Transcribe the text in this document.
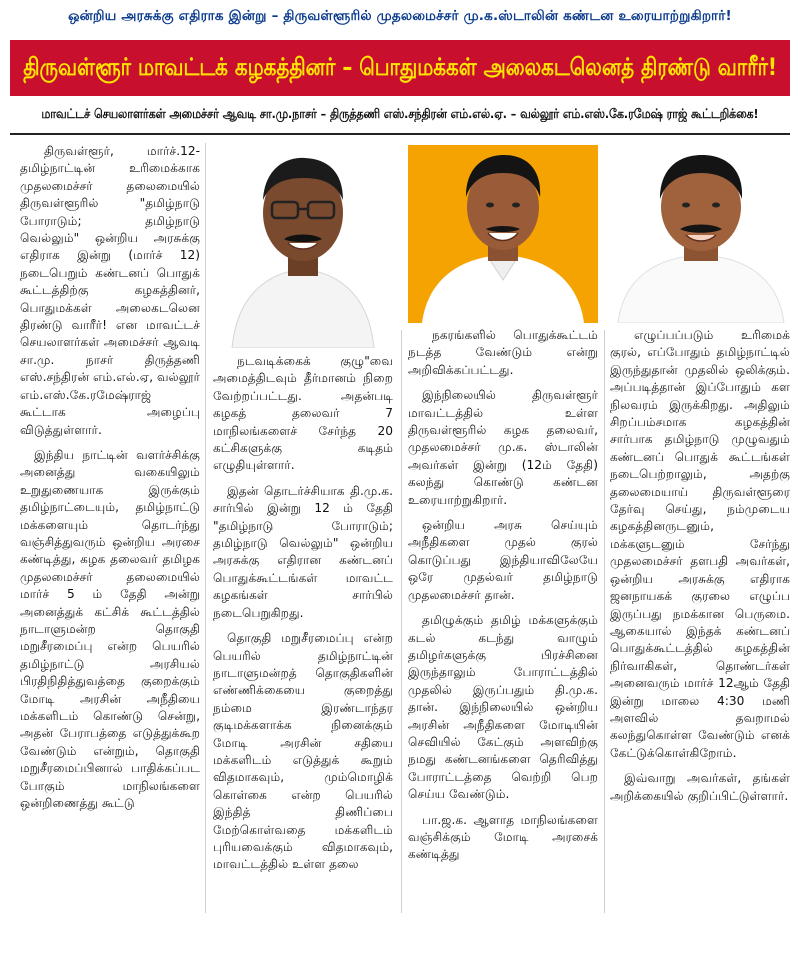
ஒன்றிய அரசுக்கு எதிராக இன்று – திருவள்ளூரில் முதலமைச்சர் மு.க.ஸ்டாலின் கண்டன உரையாற்றுகிறார்!
திருவள்ளூர் மாவட்டக் கழகத்தினர் – பொதுமக்கள் அலைகடலெனத் திரண்டு வாரீர்!
மாவட்டச் செயலாளர்கள் அமைச்சர் ஆவடி சா.மு.நாசர் – திருத்தணி எஸ்.சந்திரன் எம்.எல்.ஏ. – வல்லூர் எம்.எஸ்.கே.ரமேஷ் ராஜ் கூட்டறிக்கை!

திருவள்ளூர், மார்ச்.12- தமிழ்நாட்டின் உரிமைக்காக முதலமைச்சர் தலைமையில் திருவள்ளூரில் "தமிழ்நாடு போராடும்; தமிழ்நாடு வெல்லும்" ஒன்றிய அரசுக்கு எதிராக இன்று (மார்ச் 12) நடைபெறும் கண்டனப் பொதுக் கூட்டத்திற்கு கழகத்தினர், பொதுமக்கள் அலைகடலென திரண்டு வாரீர்! என மாவட்டச் செயலாளர்கள் அமைச்சர் ஆவடி சா.மு. நாசர் திருத்தணி எஸ்.சந்திரன் எம்.எல்.ஏ, வல்லூர் எம்.எஸ்.கே.ரமேஷ்ராஜ் கூட்டாக அழைப்பு விடுத்துள்ளார்.

இந்திய நாட்டின் வளர்ச்சிக்கு அனைத்து வகையிலும் உறுதுணையாக இருக்கும் தமிழ்நாட்டையும், தமிழ்நாட்டு மக்களையும் தொடர்ந்து வஞ்சித்துவரும் ஒன்றிய அரசை கண்டித்து, கழக தலைவர் தமிழக முதலமைச்சர் தலைமையில் மார்ச் 5 ம் தேதி அன்று அனைத்துக் கட்சிக் கூட்டத்தில் நாடாளுமன்ற தொகுதி மறுசீரமைப்பு என்ற பெயரில் தமிழ்நாட்டு அரசியல் பிரதிநிதித்துவத்தை குறைக்கும் மோடி அரசின் அநீதியை மக்களிடம் கொண்டு சென்று, அதன் பேராபத்தை எடுத்துக்கூற வேண்டும் என்றும், தொகுதி மறுசீரமைப்பினால் பாதிக்கப்பட போகும் மாநிலங்களை ஒன்றிணைத்து கூட்டு

நடவடிக்கைக் குழு"வை அமைத்திடவும் தீர்மானம் நிறை வேற்றப்பட்டது. அதன்படி கழகத் தலைவர் 7 மாநிலங்களைச் சேர்ந்த 20 கட்சிகளுக்கு கடிதம் எழுதியுள்ளார்.

இதன் தொடர்ச்சியாக தி.மு.க. சார்பில் இன்று 12 ம் தேதி "தமிழ்நாடு போராடும்; தமிழ்நாடு வெல்லும்" ஒன்றிய அரசுக்கு எதிரான கண்டனப் பொதுக்கூட்டங்கள் மாவட்ட கழகங்கள் சார்பில் நடைபெறுகிறது.

தொகுதி மறுசீரமைப்பு என்ற பெயரில் தமிழ்நாட்டின் நாடாளுமன்றத் தொகுதிகளின் எண்ணிக்கையை குறைத்து நம்மை இரண்டாந்தர குடிமக்களாக்க நினைக்கும் மோடி அரசின் சதியை மக்களிடம் எடுத்துக் கூறும் விதமாகவும், மும்மொழிக் கொள்கை என்ற பெயரில் இந்தித் திணிப்பை மேற்கொள்வதை மக்களிடம் புரியவைக்கும் விதமாகவும், மாவட்டத்தில் உள்ள தலை

நகரங்களில் பொதுக்கூட்டம் நடத்த வேண்டும் என்று அறிவிக்கப்பட்டது.

இந்நிலையில் திருவள்ளூர் மாவட்டத்தில் உள்ள திருவள்ளூரில் கழக தலைவர், முதலமைச்சர் மு.க. ஸ்டாலின் அவர்கள் இன்று (12ம் தேதி) கலந்து கொண்டு கண்டன உரையாற்றுகிறார்.

ஒன்றிய அரசு செய்யும் அநீதிகளை முதல் குரல் கொடுப்பது இந்தியாவிலேயே ஒரே முதல்வர் தமிழ்நாடு முதலமைச்சர் தான்.

தமிழுக்கும் தமிழ் மக்களுக்கும் கடல் கடந்து வாழும் தமிழர்களுக்கு பிரச்சினை இருந்தாலும் போராட்டத்தில் முதலில் இருப்பதும் தி.மு.க. தான். இந்நிலையில் ஒன்றிய அரசின் அநீதிகளை மோடியின் செவியில் கேட்கும் அளவிற்கு நமது கண்டனங்களை தெரிவித்து போராட்டத்தை வெற்றி பெற செய்ய வேண்டும்.

பா.ஜ.க. ஆளாத மாநிலங்களை வஞ்சிக்கும் மோடி அரசைக் கண்டித்து

எழுப்பப்படும் உரிமைக் குரல், எப்போதும் தமிழ்நாட்டில் இருந்துதான் முதலில் ஒலிக்கும். அப்படித்தான் இப்போதும் கள நிலவரம் இருக்கிறது. அதிலும் சிறப்பம்சமாக கழகத்தின் சார்பாக தமிழ்நாடு முழுவதும் கண்டனப் பொதுக் கூட்டங்கள் நடைபெற்றாலும், அதற்கு தலைமையாய் திருவள்ளூரை தேர்வு செய்து, நம்முடைய கழகத்தினருடனும், மக்களுடனும் சேர்ந்து முதலமைச்சர் தளபதி அவர்கள், ஒன்றிய அரசுக்கு எதிராக ஜனநாயகக் குரலை எழுப்ப இருப்பது நமக்கான பெருமை. ஆகையால் இந்தக் கண்டனப் பொதுக்கூட்டத்தில் கழகத்தின் நிர்வாகிகள், தொண்டர்கள் அனைவரும் மார்ச் 12ஆம் தேதி இன்று மாலை 4:30 மணி அளவில் தவறாமல் கலந்துகொள்ள வேண்டும் எனக் கேட்டுக்கொள்கிறோம்.

இவ்வாறு அவர்கள், தங்கள் அறிக்கையில் குறிப்பிட்டுள்ளார்.
